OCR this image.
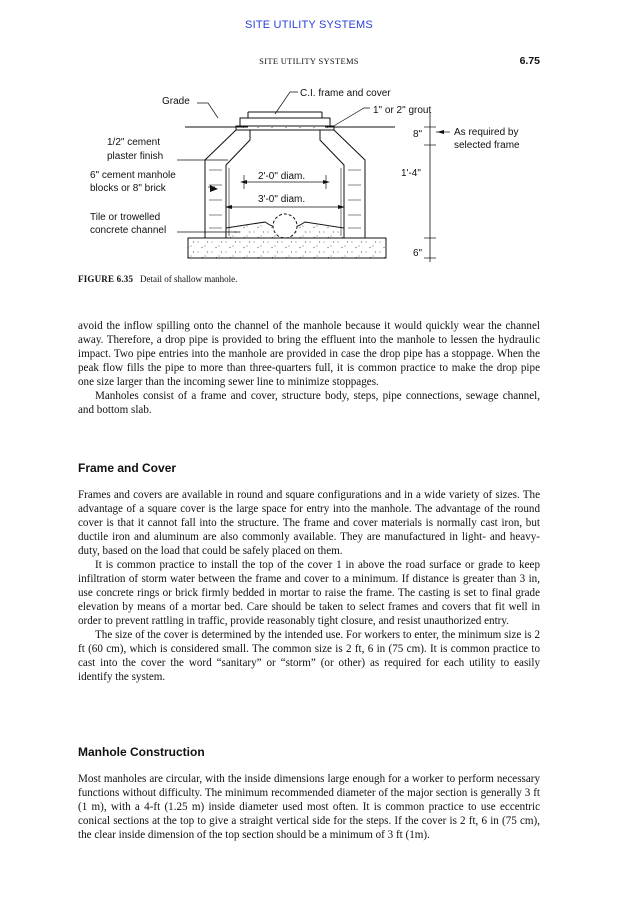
SITE UTILITY SYSTEMS
SITE UTILITY SYSTEMS	6.75
Grade
C.I. frame and cover
1" or 2" grout
1/2" cement
plaster finish
6" cement manhole
blocks or 8" brick
Tile or trowelled
concrete channel
2'-0" diam.
3'-0" diam.
8"
1'-4"
6"
As required by
selected frame
FIGURE 6.35 Detail of shallow manhole.

avoid the inflow spilling onto the channel of the manhole because it would quickly wear the channel away. Therefore, a drop pipe is provided to bring the effluent into the manhole to lessen the hydraulic impact. Two pipe entries into the manhole are provided in case the drop pipe has a stoppage. When the peak flow fills the pipe to more than three-quarters full, it is common practice to make the drop pipe one size larger than the incoming sewer line to minimize stoppages.

Manholes consist of a frame and cover, structure body, steps, pipe connections, sewage channel, and bottom slab.

Frame and Cover

Frames and covers are available in round and square configurations and in a wide variety of sizes. The advantage of a square cover is the large space for entry into the manhole. The advantage of the round cover is that it cannot fall into the structure. The frame and cover materials is normally cast iron, but ductile iron and aluminum are also commonly available. They are manufactured in light- and heavy-duty, based on the load that could be safely placed on them.

It is common practice to install the top of the cover 1 in above the road surface or grade to keep infiltration of storm water between the frame and cover to a minimum. If distance is greater than 3 in, use concrete rings or brick firmly bedded in mortar to raise the frame. The casting is set to final grade elevation by means of a mortar bed. Care should be taken to select frames and covers that fit well in order to prevent rattling in traffic, provide reasonably tight closure, and resist unauthorized entry.

The size of the cover is determined by the intended use. For workers to enter, the minimum size is 2 ft (60 cm), which is considered small. The common size is 2 ft, 6 in (75 cm). It is common practice to cast into the cover the word “sanitary” or “storm” (or other) as required for each utility to easily identify the system.

Manhole Construction

Most manholes are circular, with the inside dimensions large enough for a worker to perform necessary functions without difficulty. The minimum recommended diameter of the major section is generally 3 ft (1 m), with a 4-ft (1.25 m) inside diameter used most often. It is common practice to use eccentric conical sections at the top to give a straight vertical side for the steps. If the cover is 2 ft, 6 in (75 cm), the clear inside dimension of the top section should be a minimum of 3 ft (1m).
